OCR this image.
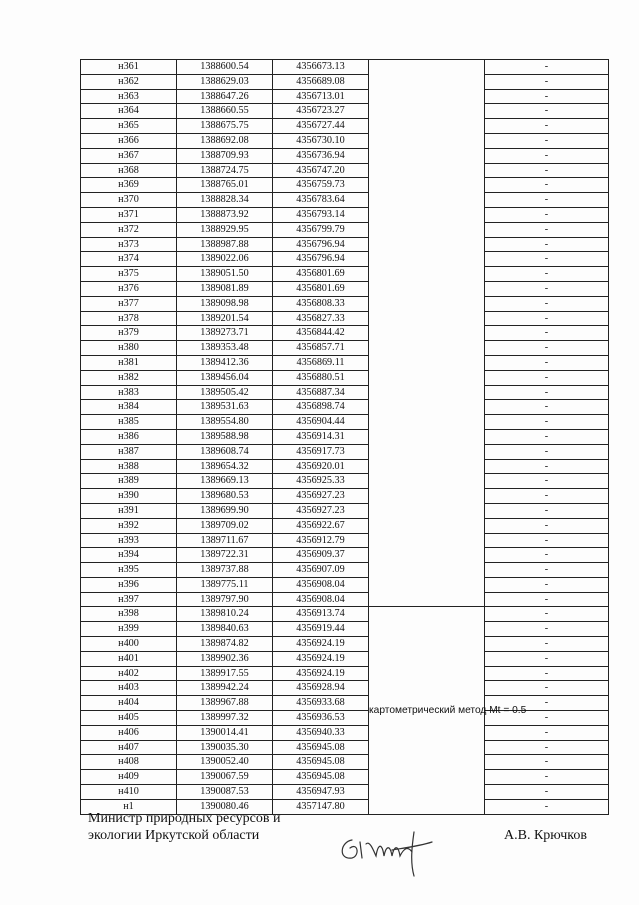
н361	1388600.54	4356673.13		-
н362	1388629.03	4356689.08		-
н363	1388647.26	4356713.01		-
н364	1388660.55	4356723.27		-
н365	1388675.75	4356727.44		-
н366	1388692.08	4356730.10		-
н367	1388709.93	4356736.94		-
н368	1388724.75	4356747.20		-
н369	1388765.01	4356759.73		-
н370	1388828.34	4356783.64		-
н371	1388873.92	4356793.14		-
н372	1388929.95	4356799.79		-
н373	1388987.88	4356796.94		-
н374	1389022.06	4356796.94		-
н375	1389051.50	4356801.69		-
н376	1389081.89	4356801.69		-
н377	1389098.98	4356808.33		-
н378	1389201.54	4356827.33		-
н379	1389273.71	4356844.42		-
н380	1389353.48	4356857.71		-
н381	1389412.36	4356869.11		-
н382	1389456.04	4356880.51		-
н383	1389505.42	4356887.34		-
н384	1389531.63	4356898.74		-
н385	1389554.80	4356904.44		-
н386	1389588.98	4356914.31		-
н387	1389608.74	4356917.73		-
н388	1389654.32	4356920.01		-
н389	1389669.13	4356925.33		-
н390	1389680.53	4356927.23		-
н391	1389699.90	4356927.23		-
н392	1389709.02	4356922.67		-
н393	1389711.67	4356912.79		-
н394	1389722.31	4356909.37		-
н395	1389737.88	4356907.09		-
н396	1389775.11	4356908.04		-
н397	1389797.90	4356908.04		-
н398	1389810.24	4356913.74	картометрический метод Mt = 0.5	-
н399	1389840.63	4356919.44		-
н400	1389874.82	4356924.19		-
н401	1389902.36	4356924.19		-
н402	1389917.55	4356924.19		-
н403	1389942.24	4356928.94		-
н404	1389967.88	4356933.68		-
н405	1389997.32	4356936.53		-
н406	1390014.41	4356940.33		-
н407	1390035.30	4356945.08		-
н408	1390052.40	4356945.08		-
н409	1390067.59	4356945.08		-
н410	1390087.53	4356947.93		-
н1	1390080.46	4357147.80		-
Министр природных ресурсов и
экологии Иркутской области	А.В. Крючков
